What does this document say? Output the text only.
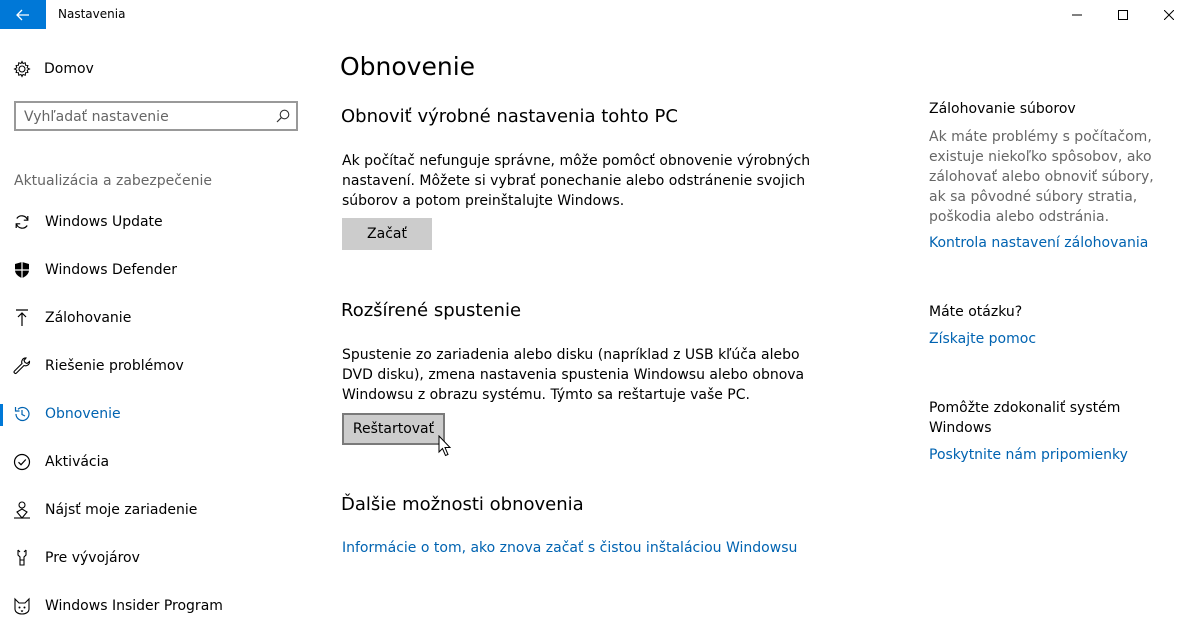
Nastavenia
Domov
Vyhľadať nastavenie
Aktualizácia a zabezpečenie
Windows Update
Windows Defender
Zálohovanie
Riešenie problémov
Obnovenie
Aktivácia
Nájsť moje zariadenie
Pre vývojárov
Windows Insider Program
Obnovenie
Obnoviť výrobné nastavenia tohto PC

Ak počítač nefunguje správne, môže pomôcť obnovenie výrobných nastavení. Môžete si vybrať ponechanie alebo odstránenie svojich súborov a potom preinštalujte Windows.

Začať
Rozšírené spustenie

Spustenie zo zariadenia alebo disku (napríklad z USB kľúča alebo DVD disku), zmena nastavenia spustenia Windowsu alebo obnova Windowsu z obrazu systému. Týmto sa reštartuje vaše PC.

Reštartovať
Ďalšie možnosti obnovenia
Informácie o tom, ako znova začať s čistou inštaláciou Windowsu
Zálohovanie súborov

Ak máte problémy s počítačom, existuje niekoľko spôsobov, ako zálohovať alebo obnoviť súbory, ak sa pôvodné súbory stratia, poškodia alebo odstránia.

Kontrola nastavení zálohovania
Máte otázku?
Získajte pomoc
Pomôžte zdokonaliť systém Windows
Poskytnite nám pripomienky
